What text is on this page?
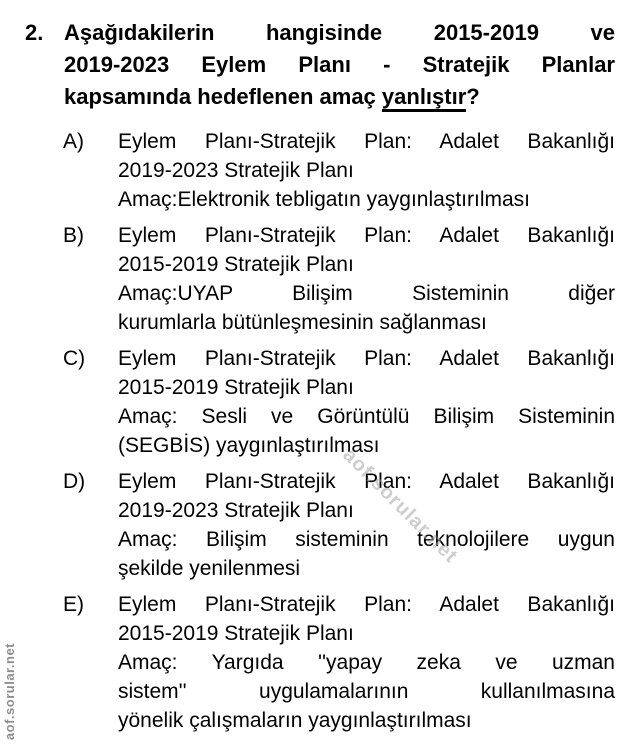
aof.sorular.net
aof.sorular.net
2. Aşağıdakilerin hangisinde 2015-2019 ve
2019-2023 Eylem Planı - Stratejik Planlar
kapsamında hedeflenen amaç yanlıştır?
A)	Eylem Planı-Stratejik Plan: Adalet Bakanlığı
2019-2023 Stratejik Planı
Amaç:Elektronik tebligatın yaygınlaştırılması
B)	Eylem Planı-Stratejik Plan: Adalet Bakanlığı
2015-2019 Stratejik Planı
Amaç:UYAP Bilişim Sisteminin diğer
kurumlarla bütünleşmesinin sağlanması
C)	Eylem Planı-Stratejik Plan: Adalet Bakanlığı
2015-2019 Stratejik Planı
Amaç: Sesli ve Görüntülü Bilişim Sisteminin
(SEGBİS) yaygınlaştırılması
D)	Eylem Planı-Stratejik Plan: Adalet Bakanlığı
2019-2023 Stratejik Planı
Amaç: Bilişim sisteminin teknolojilere uygun
şekilde yenilenmesi
E)	Eylem Planı-Stratejik Plan: Adalet Bakanlığı
2015-2019 Stratejik Planı
Amaç: Yargıda ''yapay zeka ve uzman
sistem'' uygulamalarının kullanılmasına
yönelik çalışmaların yaygınlaştırılması
